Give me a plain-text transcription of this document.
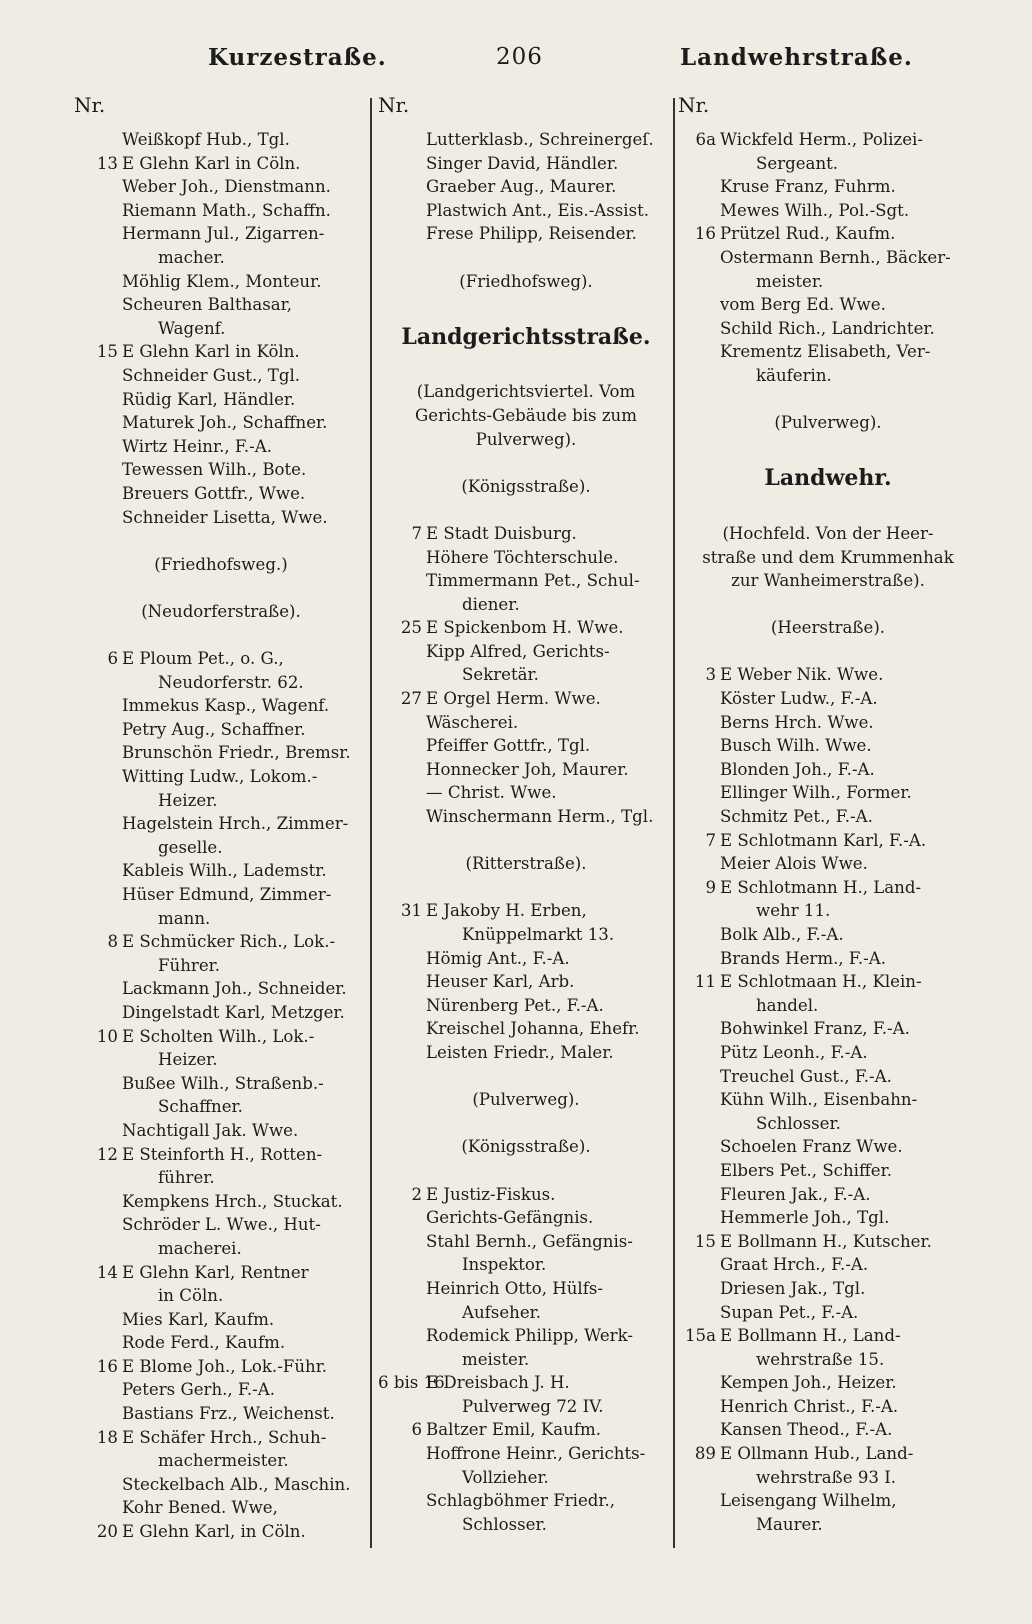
Kurzestraße.	206	Landwehrstraße.
Nr.
Weißkopf Hub., Tgl.
13 E Glehn Karl in Cöln.
Weber Joh., Dienstmann.
Riemann Math., Schaffn.
Hermann Jul., Zigarren-
macher.
Möhlig Klem., Monteur.
Scheuren Balthasar,
Wagenf.
15 E Glehn Karl in Köln.
Schneider Gust., Tgl.
Rüdig Karl, Händler.
Maturek Joh., Schaffner.
Wirtz Heinr., F.-A.
Tewessen Wilh., Bote.
Breuers Gottfr., Wwe.
Schneider Lisetta, Wwe.
(Friedhofsweg.)
(Neudorferstraße).
6 E Ploum Pet., o. G.,
Neudorferstr. 62.
Immekus Kasp., Wagenf.
Petry Aug., Schaffner.
Brunschön Friedr., Bremsr.
Witting Ludw., Lokom.-
Heizer.
Hagelstein Hrch., Zimmer-
geselle.
Kableis Wilh., Lademstr.
Hüser Edmund, Zimmer-
mann.
8 E Schmücker Rich., Lok.-
Führer.
Lackmann Joh., Schneider.
Dingelstadt Karl, Metzger.
10 E Scholten Wilh., Lok.-
Heizer.
Bußee Wilh., Straßenb.-
Schaffner.
Nachtigall Jak. Wwe.
12 E Steinforth H., Rotten-
führer.
Kempkens Hrch., Stuckat.
Schröder L. Wwe., Hut-
macherei.
14 E Glehn Karl, Rentner
in Cöln.
Mies Karl, Kaufm.
Rode Ferd., Kaufm.
16 E Blome Joh., Lok.-Führ.
Peters Gerh., F.-A.
Bastians Frz., Weichenst.
18 E Schäfer Hrch., Schuh-
machermeister.
Steckelbach Alb., Maschin.
Kohr Bened. Wwe,
20 E Glehn Karl, in Cöln.
Nr.
Lutterklasb., Schreinergeſ.
Singer David, Händler.
Graeber Aug., Maurer.
Plastwich Ant., Eis.-Assist.
Frese Philipp, Reisender.
(Friedhofsweg).
Landgerichtsstraße.
(Landgerichtsviertel. Vom
Gerichts-Gebäude bis zum
Pulverweg).
(Königsstraße).
7 E Stadt Duisburg.
Höhere Töchterschule.
Timmermann Pet., Schul-
diener.
25 E Spickenbom H. Wwe.
Kipp Alfred, Gerichts-
Sekretär.
27 E Orgel Herm. Wwe.
Wäscherei.
Pfeiffer Gottfr., Tgl.
Honnecker Joh, Maurer.
— Christ. Wwe.
Winschermann Herm., Tgl.
(Ritterstraße).
31 E Jakoby H. Erben,
Knüppelmarkt 13.
Hömig Ant., F.-A.
Heuser Karl, Arb.
Nürenberg Pet., F.-A.
Kreischel Johanna, Ehefr.
Leisten Friedr., Maler.
(Pulverweg).
(Königsstraße).
2 E Justiz-Fiskus.
Gerichts-Gefängnis.
Stahl Bernh., Gefängnis-
Inspektor.
Heinrich Otto, Hülfs-
Aufseher.
Rodemick Philipp, Werk-
meister.
6 bis 16
E Dreisbach J. H.
Pulverweg 72 IV.
6 Baltzer Emil, Kaufm.
Hoffrone Heinr., Gerichts-
Vollzieher.
Schlagböhmer Friedr.,
Schlosser.
Nr.
6a Wickfeld Herm., Polizei-
Sergeant.
Kruse Franz, Fuhrm.
Mewes Wilh., Pol.-Sgt.
16 Prützel Rud., Kaufm.
Ostermann Bernh., Bäcker-
meister.
vom Berg Ed. Wwe.
Schild Rich., Landrichter.
Krementz Elisabeth, Ver-
käuferin.
(Pulverweg).
Landwehr.
(Hochfeld. Von der Heer-
straße und dem Krummenhak
zur Wanheimerstraße).
(Heerstraße).
3 E Weber Nik. Wwe.
Köster Ludw., F.-A.
Berns Hrch. Wwe.
Busch Wilh. Wwe.
Blonden Joh., F.-A.
Ellinger Wilh., Former.
Schmitz Pet., F.-A.
7 E Schlotmann Karl, F.-A.
Meier Alois Wwe.
9 E Schlotmann H., Land-
wehr 11.
Bolk Alb., F.-A.
Brands Herm., F.-A.
11 E Schlotmaan H., Klein-
handel.
Bohwinkel Franz, F.-A.
Pütz Leonh., F.-A.
Treuchel Gust., F.-A.
Kühn Wilh., Eisenbahn-
Schlosser.
Schoelen Franz Wwe.
Elbers Pet., Schiffer.
Fleuren Jak., F.-A.
Hemmerle Joh., Tgl.
15 E Bollmann H., Kutscher.
Graat Hrch., F.-A.
Driesen Jak., Tgl.
Supan Pet., F.-A.
15a E Bollmann H., Land-
wehrstraße 15.
Kempen Joh., Heizer.
Henrich Christ., F.-A.
Kansen Theod., F.-A.
89 E Ollmann Hub., Land-
wehrstraße 93 I.
Leisengang Wilhelm,
Maurer.
